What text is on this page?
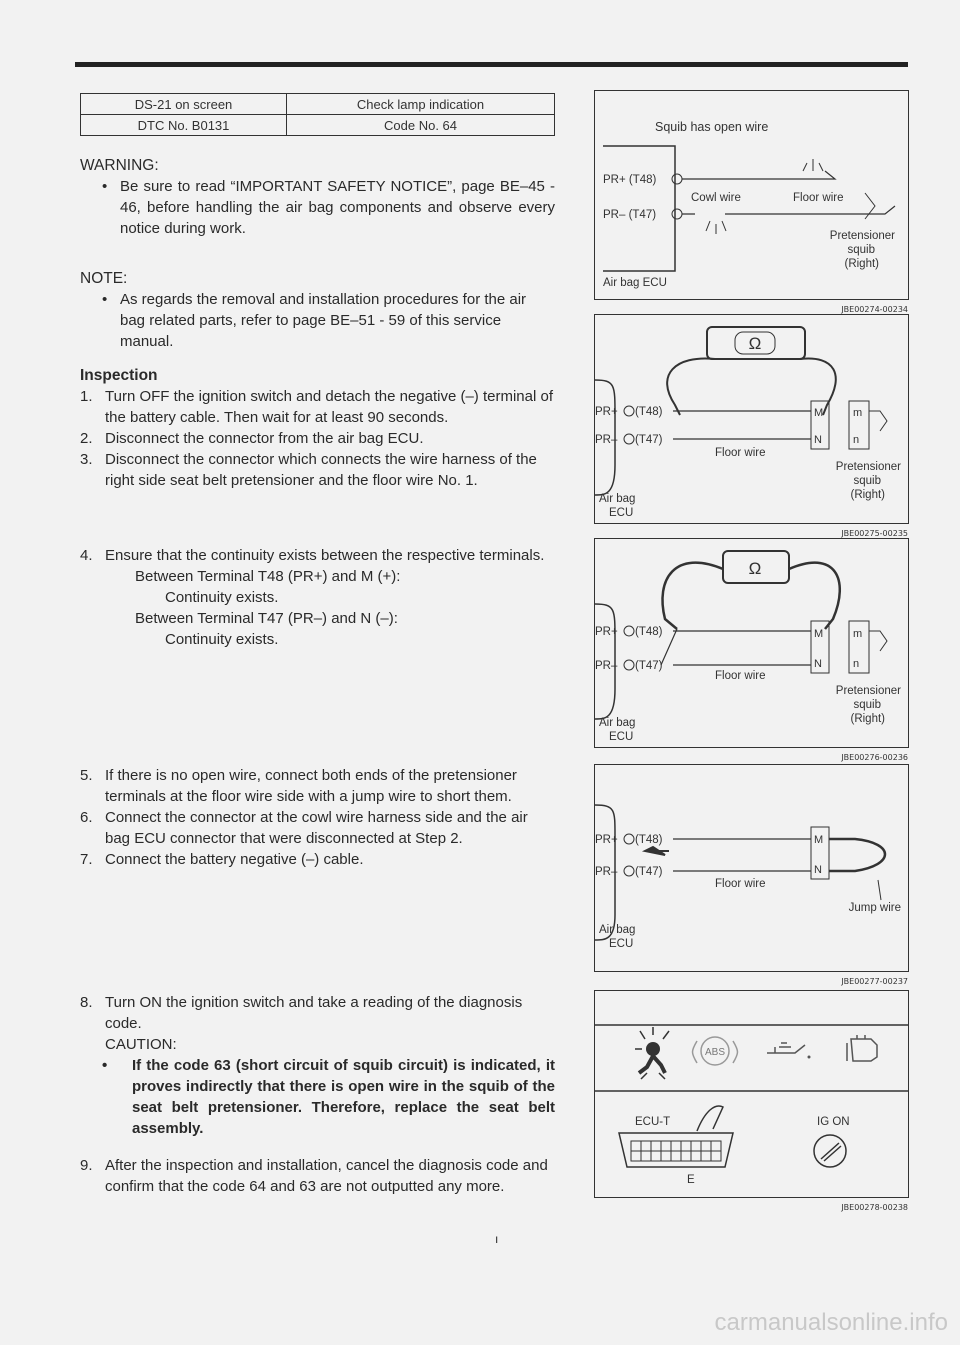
DS-21 on screen	Check lamp indication
DTC No. B0131	Code No. 64

WARNING:

• Be sure to read “IMPORTANT SAFETY NOTICE”, page BE–45 - 46, before handling the air bag components and observe every notice during work.

NOTE:

• As regards the removal and installation procedures for the air bag related parts, refer to page BE–51 - 59 of this service manual.

Inspection

1. Turn OFF the ignition switch and detach the negative (–) terminal of the battery cable. Then wait for at least 90 seconds.

2. Disconnect the connector from the air bag ECU.

3. Disconnect the connector which connects the wire harness of the right side seat belt pretensioner and the floor wire No. 1.

4. Ensure that the continuity exists between the respective terminals.

Between Terminal T48 (PR+) and M (+):

Continuity exists.

Between Terminal T47 (PR–) and N (–):

Continuity exists.

5. If there is no open wire, connect both ends of the pretensioner terminals at the floor wire side with a jump wire to short them.

6. Connect the connector at the cowl wire harness side and the air bag ECU connector that were disconnected at Step 2.

7. Connect the battery negative (–) cable.

8. Turn ON the ignition switch and take a reading of the diagnosis code.

CAUTION:

• If the code 63 (short circuit of squib circuit) is indicated, it proves indirectly that there is open wire in the squib of the seat belt pretensioner. Therefore, replace the seat belt assembly.

9. After the inspection and installation, cancel the diagnosis code and confirm that the code 64 and 63 are not outputted any more.

Squib has open wire
PR+ (T48)
PR– (T47)
Cowl wire	Floor wire
Pretensioner
squib
(Right)
Air bag ECU
JBE00274-00234
Ω
PR+ (T48)
PR– (T47)
M
N
m
n
Floor wire
Pretensioner
squib
(Right)
Air bag
ECU
JBE00275-00235
Ω
PR+ (T48)
PR– (T47)
M
N
m
n
Floor wire
Pretensioner
squib
(Right)
Air bag
ECU
JBE00276-00236
PR+ (T48)
PR– (T47)
M
N
Floor wire
Jump wire
Air bag
ECU
JBE00277-00237
ABS
ECU-T
E
IG ON
JBE00278-00238
ı
carmanualsonline.info
